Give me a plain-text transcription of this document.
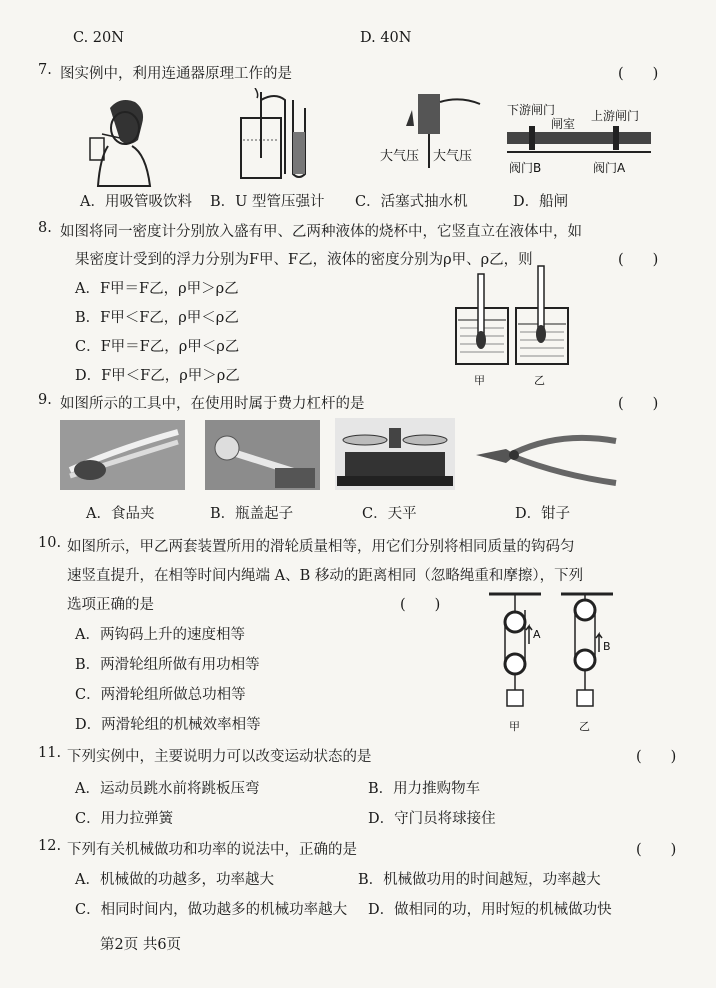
C. 20N	D. 40N
7. 图实例中，利用连通器原理工作的是	(　　)
大气压 大气压
下游闸门
闸室
上游闸门
阀门B	阀门A
A．用吸管吸饮料 B．U 型管压强计 C．活塞式抽水机	D．船闸
8. 如图将同一密度计分别放入盛有甲、乙两种液体的烧杯中，它竖直立在液体中，如
果密度计受到的浮力分别为F甲、F乙，液体的密度分别为ρ甲、ρ乙，则	(　　)
A．F甲＝F乙，ρ甲＞ρ乙
B．F甲＜F乙，ρ甲＜ρ乙
C．F甲＝F乙，ρ甲＜ρ乙
D．F甲＜F乙，ρ甲＞ρ乙	甲	乙
9. 如图所示的工具中，在使用时属于费力杠杆的是	(　　)
A．食品夹	B．瓶盖起子	C．天平	D．钳子
10. 如图所示，甲乙两套装置所用的滑轮质量相等，用它们分别将相同质量的钩码匀
速竖直提升，在相等时间内绳端 A、B 移动的距离相同（忽略绳重和摩擦），下列
选项正确的是	(　　)
A．两钩码上升的速度相等
B．两滑轮组所做有用功相等
C．两滑轮组所做总功相等
D．两滑轮组的机械效率相等
A
甲
B
乙
11. 下列实例中，主要说明力可以改变运动状态的是	(　　)
A．运动员跳水前将跳板压弯	B．用力推购物车
C．用力拉弹簧	D．守门员将球接住
12. 下列有关机械做功和功率的说法中，正确的是	(　　)
A．机械做的功越多，功率越大	B．机械做功用的时间越短，功率越大
C．相同时间内，做功越多的机械功率越大 D．做相同的功，用时短的机械做功快
第2页 共6页
